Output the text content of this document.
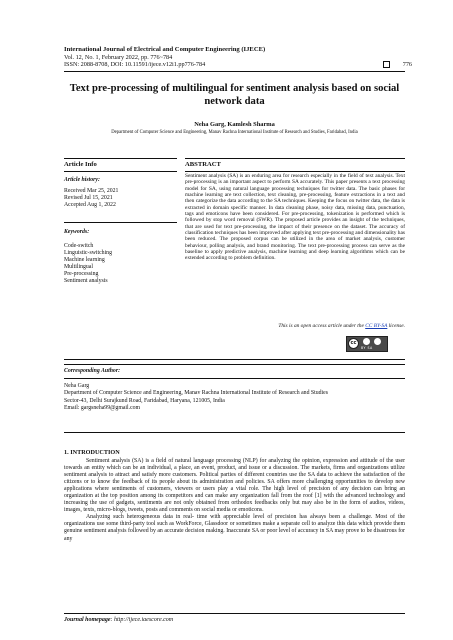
International Journal of Electrical and Computer Engineering (IJECE)
Vol. 12, No. 1, February 2022, pp. 776~784
ISSN: 2088-8708, DOI: 10.11591/ijece.v12i1.pp776-784	776
Text pre-processing of multilingual for sentiment analysis based on social network data
Neha Garg, Kamlesh Sharma
Department of Computer Science and Engineering, Manav Rachna International Institute of Research and Studies, Faridabad, India
Article Info
Article history:
Received Mar 25, 2021
Revised Jul 15, 2021
Accepted Aug 1, 2022
Keywords:
Code-switch
Linguistic-switching
Machine learning
Multilingual
Pre-processing
Sentiment analysis
ABSTRACT
Sentiment analysis (SA) is an enduring area for research especially in the field of text analysis. Text pre-processing is an important aspect to perform SA accurately. This paper presents a text processing model for SA, using natural language processing techniques for twitter data. The basic phases for machine learning are text collection, text cleaning, pre-processing, feature extractions in a text and then categorize the data according to the SA techniques. Keeping the focus on twitter data, the data is extracted in domain specific manner. In data cleaning phase, noisy data, missing data, punctuation, tags and emoticons have been considered. For pre-processing, tokenization is performed which is followed by stop word removal (SWR). The proposed article provides an insight of the techniques, that are used for text pre-processing, the impact of their presence on the dataset. The accuracy of classification techniques has been improved after applying text pre-processing and dimensionality has been reduced. The proposed corpus can be utilized in the area of market analysis, customer behaviour, polling analysis, and brand monitoring. The text pre-processing process can serve as the baseline to apply predictive analysis, machine learning and deep learning algorithms which can be extended according to problem definition.
This is an open access article under the CC BY-SA license.
cc
BY SA
Corresponding Author:
Neha Garg
Department of Computer Science and Engineering, Manav Rachna International Institute of Research and Studies
Sector-43, Delhi Surajkund Road, Faridabad, Haryana, 121005, India
Email: gargsneha99@gmail.com
1. INTRODUCTION

Sentiment analysis (SA) is a field of natural language processing (NLP) for analyzing the opinion, expression and attitude of the user towards an entity which can be an individual, a place, an event, product, and issue or a discussion. The markets, firms and organizations utilize sentiment analysis to attract and satisfy more customers. Political parties of different countries use the SA data to achieve the satisfaction of the citizens or to know the feedback of its people about its administration and policies. SA offers more challenging opportunities to develop new applications where sentiments of customers, viewers or users play a vital role. The high level of precision of any decision can bring an organization at the top position among its competitors and can make any organization fall from the roof [1] with the advanced technology and increasing the use of gadgets, sentiments are not only obtained from orthodox feedbacks only but may also be in the form of audios, videos, images, texts, micro-blogs, tweets, posts and comments on social media or emoticons.

Analyzing such heterogeneous data in real- time with appreciable level of precision has always been a challenge. Most of the organizations use some third-party tool such as WorkForce, Glassdoor or sometimes make a separate cell to analyze this data which provide them genuine sentiment analysis followed by an accurate decision making. Inaccurate SA or poor level of accuracy in SA may prove to be disastrous for any

Journal homepage: http://ijece.iaescore.com
